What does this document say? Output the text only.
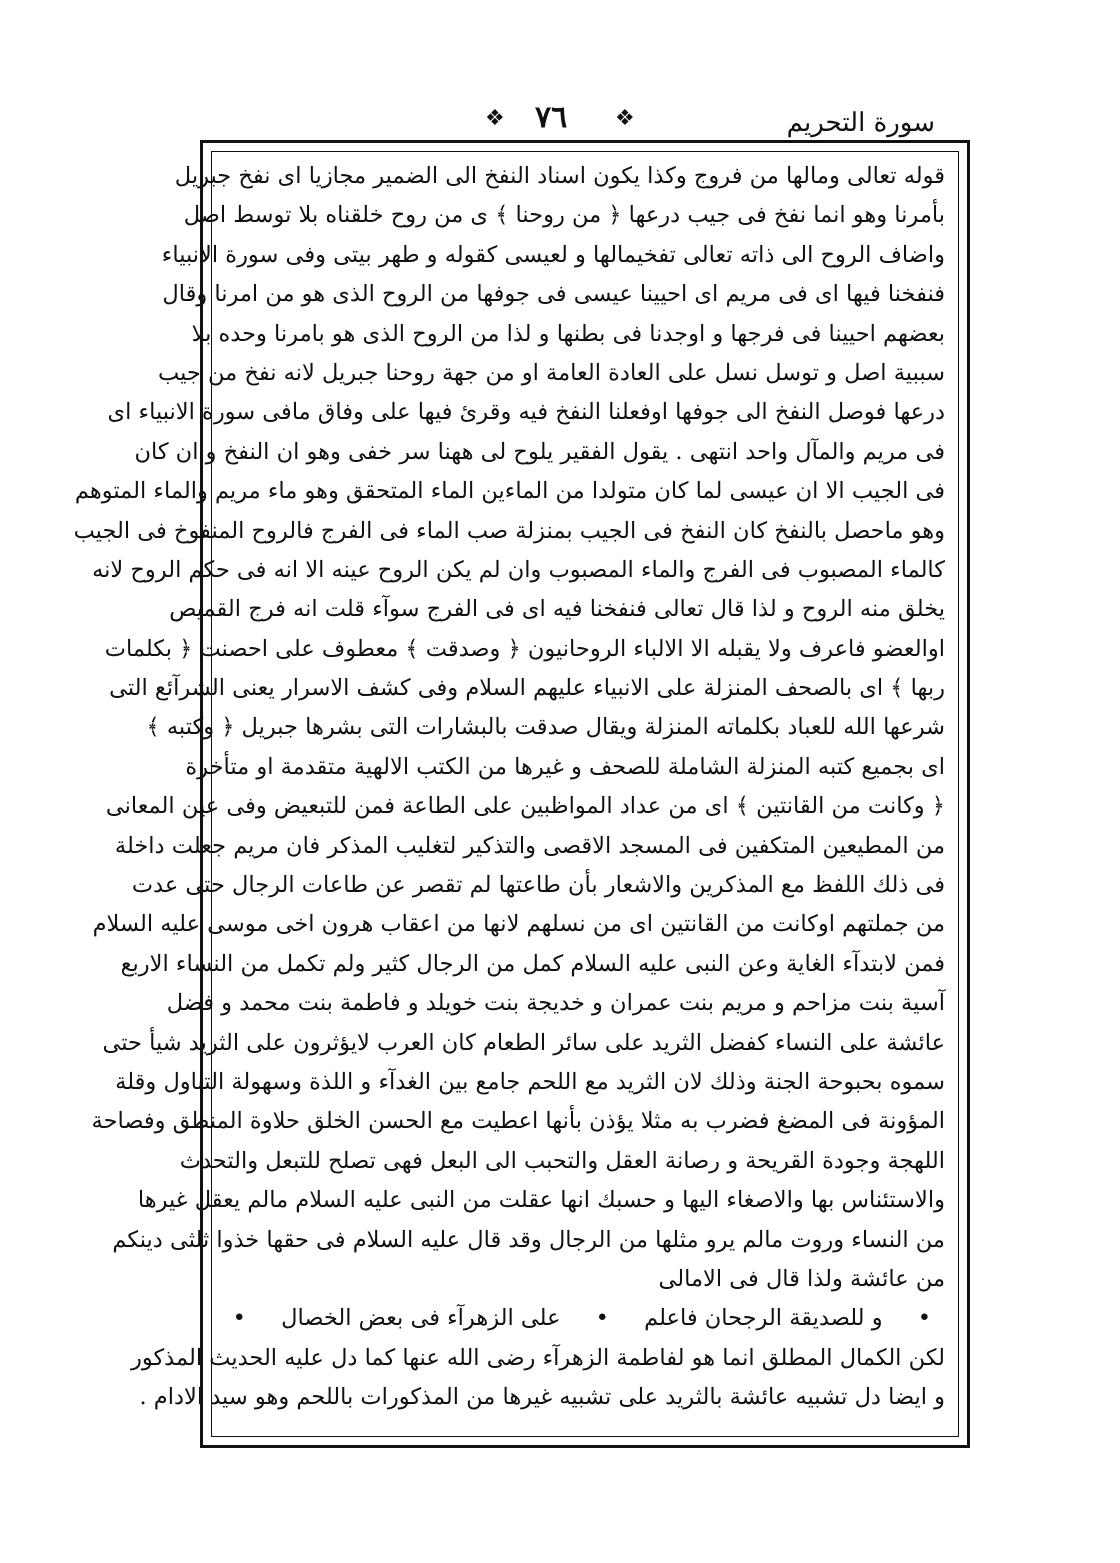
❖ ٧٦ ❖	سورة التحريم
قوله تعالى ومالها من فروج وكذا يكون اسناد النفخ الى الضمير مجازيا اى نفخ جبريل
بأمرنا وهو انما نفخ فى جيب درعها ﴿ من روحنا ﴾ ى من روح خلقناه بلا توسط اصل
واضاف الروح الى ذاته تعالى تفخيمالها و لعيسى كقوله و طهر بيتى وفى سورة الانبياء
فنفخنا فيها اى فى مريم اى احيينا عيسى فى جوفها من الروح الذى هو من امرنا وقال
بعضهم احيينا فى فرجها و اوجدنا فى بطنها و لذا من الروح الذى هو بامرنا وحده بلا
سببية اصل و توسل نسل على العادة العامة او من جهة روحنا جبريل لانه نفخ من جيب
درعها فوصل النفخ الى جوفها اوفعلنا النفخ فيه وقرئ فيها على وفاق مافى سورة الانبياء اى
فى مريم والمآل واحد انتهى . يقول الفقير يلوح لى ههنا سر خفى وهو ان النفخ و ان كان
فى الجيب الا ان عيسى لما كان متولدا من الماءين الماء المتحقق وهو ماء مريم والماء المتوهم
وهو ماحصل بالنفخ كان النفخ فى الجيب بمنزلة صب الماء فى الفرج فالروح المنفوخ فى الجيب
كالماء المصبوب فى الفرج والماء المصبوب وان لم يكن الروح عينه الا انه فى حكم الروح لانه
يخلق منه الروح و لذا قال تعالى فنفخنا فيه اى فى الفرج سوآء قلت انه فرج القميص
اوالعضو فاعرف ولا يقبله الا الالباء الروحانيون ﴿ وصدقت ﴾ معطوف على احصنت ﴿ بكلمات
ربها ﴾ اى بالصحف المنزلة على الانبياء عليهم السلام وفى كشف الاسرار يعنى الشرآئع التى
شرعها الله للعباد بكلماته المنزلة ويقال صدقت بالبشارات التى بشرها جبريل ﴿ وكتبه ﴾
اى بجميع كتبه المنزلة الشاملة للصحف و غيرها من الكتب الالهية متقدمة او متأخرة
﴿ وكانت من القانتين ﴾ اى من عداد المواظبين على الطاعة فمن للتبعيض وفى عين المعانى
من المطيعين المتكفين فى المسجد الاقصى والتذكير لتغليب المذكر فان مريم جعلت داخلة
فى ذلك اللفظ مع المذكرين والاشعار بأن طاعتها لم تقصر عن طاعات الرجال حتى عدت
من جملتهم اوكانت من القانتين اى من نسلهم لانها من اعقاب هرون اخى موسى عليه السلام
فمن لابتدآء الغاية وعن النبى عليه السلام كمل من الرجال كثير ولم تكمل من النساء الاربع
آسية بنت مزاحم و مريم بنت عمران و خديجة بنت خويلد و فاطمة بنت محمد و فضل
عائشة على النساء كفضل الثريد على سائر الطعام كان العرب لايؤثرون على الثريد شيأ حتى
سموه بحبوحة الجنة وذلك لان الثريد مع اللحم جامع بين الغدآء و اللذة وسهولة التناول وقلة
المؤونة فى المضغ فضرب به مثلا يؤذن بأنها اعطيت مع الحسن الخلق حلاوة المنطق وفصاحة
اللهجة وجودة القريحة و رصانة العقل والتحبب الى البعل فهى تصلح للتبعل والتحدث
والاستئناس بها والاصغاء اليها و حسبك انها عقلت من النبى عليه السلام مالم يعقل غيرها
من النساء وروت مالم يرو مثلها من الرجال وقد قال عليه السلام فى حقها خذوا ثلثى دينكم
من عائشة ولذا قال فى الامالى
• و للصديقة الرجحان فاعلم • على الزهرآء فى بعض الخصال •
لكن الكمال المطلق انما هو لفاطمة الزهرآء رضى الله عنها كما دل عليه الحديث المذكور
و ايضا دل تشبيه عائشة بالثريد على تشبيه غيرها من المذكورات باللحم وهو سيد الادام .
